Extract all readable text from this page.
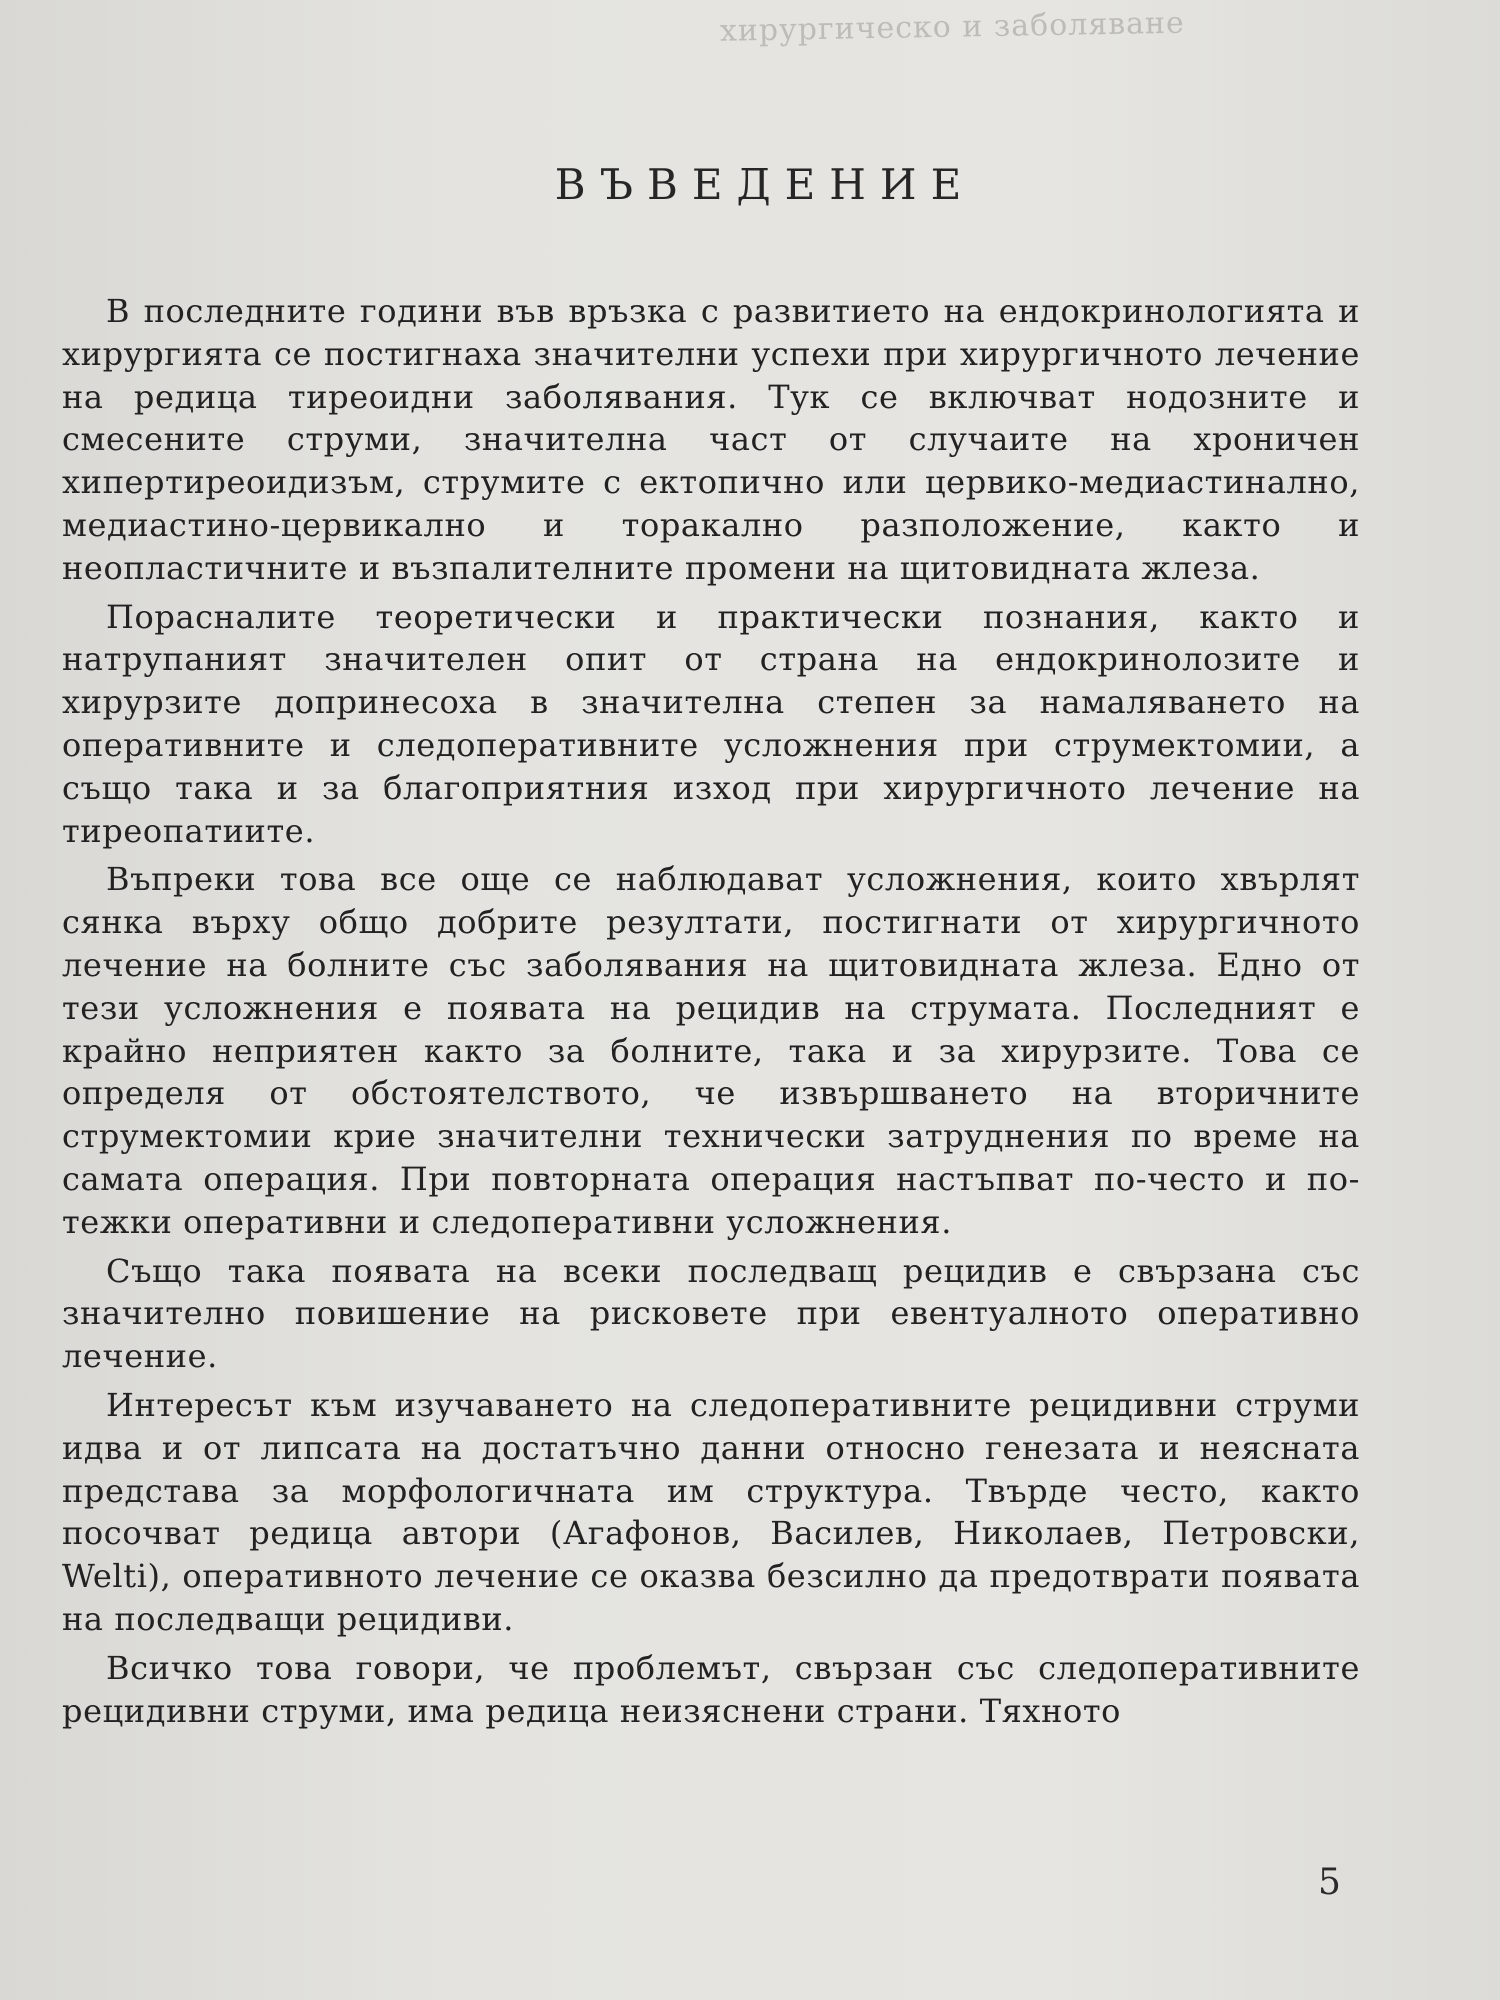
хирургическо и заболяване
ВЪВЕДЕНИЕ

В последните години във връзка с развитието на ендокринологията и хирургията се постигнаха значителни успехи при хирургичното лечение на редица тиреоидни заболявания. Тук се включват нодозните и смесените струми, значителна част от случаите на хроничен хипертиреоидизъм, струмите с ектопично или цервико-медиастинално, медиастино-цервикално и торакално разположение, както и неопластичните и възпалителните промени на щитовидната жлеза.

Порасналите теоретически и практически познания, както и натрупаният значителен опит от страна на ендокринолозите и хирурзите допринесоха в значителна степен за намаляването на оперативните и следоперативните усложнения при струмектомии, а също така и за благоприятния изход при хирургичното лечение на тиреопатиите.

Въпреки това все още се наблюдават усложнения, които хвърлят сянка върху общо добрите резултати, постигнати от хирургичното лечение на болните със заболявания на щитовидната жлеза. Едно от тези усложнения е появата на рецидив на струмата. Последният е крайно неприятен както за болните, така и за хирурзите. Това се определя от обстоятелството, че извършването на вторичните струмектомии крие значителни технически затруднения по време на самата операция. При повторната операция настъпват по-често и по-тежки оперативни и следоперативни усложнения.

Също така появата на всеки последващ рецидив е свързана със значително повишение на рисковете при евентуалното оперативно лечение.

Интересът към изучаването на следоперативните рецидивни струми идва и от липсата на достатъчно данни относно генезата и неясната представа за морфологичната им структура. Твърде често, както посочват редица автори (Агафонов, Василев, Николаев, Петровски, Welti), оперативното лечение се оказва безсилно да предотврати появата на последващи рецидиви.

Всичко това говори, че проблемът, свързан със следоперативните рецидивни струми, има редица неизяснени страни. Тяхното

5
